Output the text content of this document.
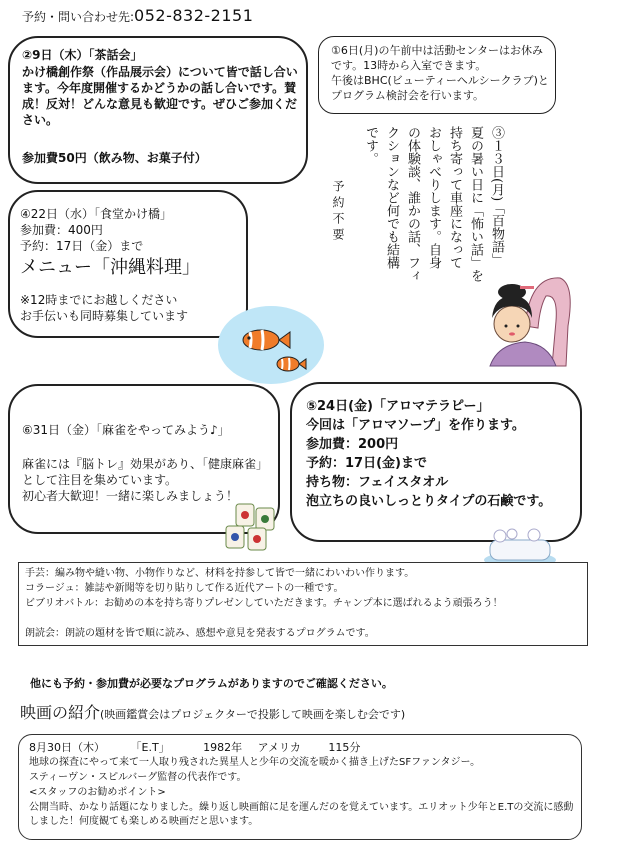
予約・問い合わせ先:052-832-2151
②9日（木）「茶話会」
かけ橋創作祭（作品展示会）について皆で話し合います。今年度開催するかどうかの話し合いです。賛成！反対！どんな意見も歓迎です。ぜひご参加ください。
参加費50円（飲み物、お菓子付）
①6日(月)の午前中は活動センターはお休みです。13時から入室できます。
午後はBHC(ビューティーヘルシークラブ)とプログラム検討会を行います。
③１３日(月)「百物語」
夏の暑い日に「怖い話」を
持ち寄って車座になって
おしゃべりします。自身
の体験談、誰かの話、フィ
クションなど何でも結構
です。
予約不要
④22日（水）「食堂かけ橋」
参加費：400円
予約：17日（金）まで
メニュー「沖縄料理」
※12時までにお越しください
お手伝いも同時募集しています
⑥31日（金）「麻雀をやってみよう♪」
麻雀には『脳トレ』効果があり、「健康麻雀」として注目を集めています。
初心者大歓迎！一緒に楽しみましょう！
⑤24日(金)「アロマテラピー」
今回は「アロマソープ」を作ります。
参加費：200円
予約：17日(金)まで
持ち物：フェイスタオル
泡立ちの良いしっとりタイプの石鹸です。
手芸：編み物や縫い物、小物作りなど、材料を持参して皆で一緒にわいわい作ります。
コラージュ：雑誌や新聞等を切り貼りして作る近代アートの一種です。
ビブリオバトル：お勧めの本を持ち寄りプレゼンしていただきます。チャンプ本に選ばれるよう頑張ろう！
朗読会：朗読の題材を皆で順に読み、感想や意見を発表するプログラムです。
他にも予約・参加費が必要なプログラムがありますのでご確認ください。
映画の紹介(映画鑑賞会はプロジェクターで投影して映画を楽しむ会です)
8月30日（木） 「E.T」	1982年 アメリカ	115分
地球の探査にやって来て一人取り残された異星人と少年の交流を暖かく描き上げたSFファンタジー。
スティーヴン・スピルバーグ監督の代表作です。
<スタッフのお勧めポイント>
公開当時、かなり話題になりました。繰り返し映画館に足を運んだのを覚えています。エリオット少年とE.Tの交流に感動しました！何度観ても楽しめる映画だと思います。
